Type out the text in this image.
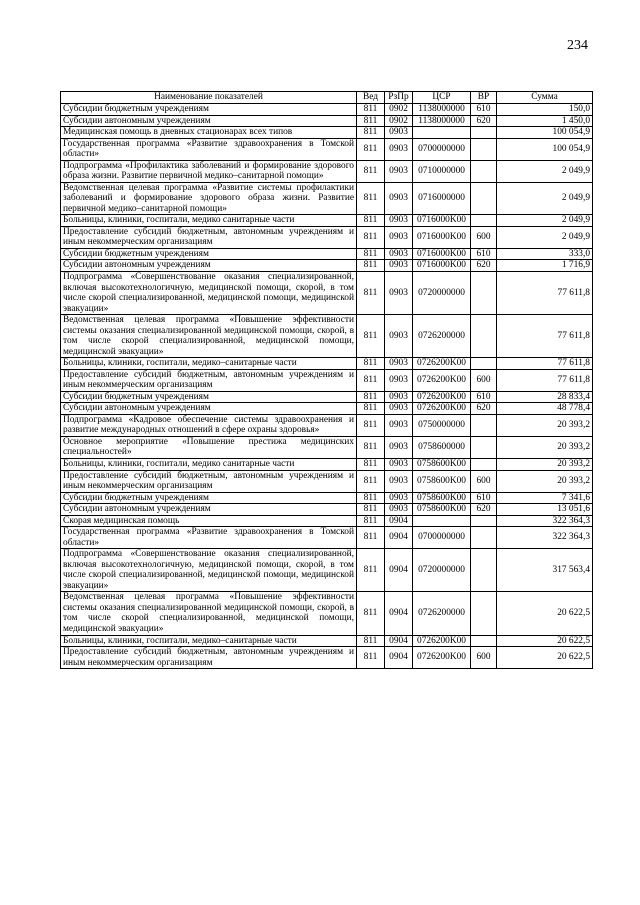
234
Наименование показателей	Вед	РзПр	ЦСР	ВР	Сумма
Субсидии бюджетным учреждениям	811	0902	1138000000	610	150,0
Субсидии автономным учреждениям	811	0902	1138000000	620	1 450,0
Медицинская помощь в дневных стационарах всех типов	811	0903			100 054,9
Государственная программа «Развитие здравоохранения в Томской области»	811	0903	0700000000		100 054,9
Подпрограмма «Профилактика заболеваний и формирование здорового образа жизни. Развитие первичной медико–санитарной помощи»	811	0903	0710000000		2 049,9
Ведомственная целевая программа «Развитие системы профилактики заболеваний и формирование здорового образа жизни. Развитие первичной медико–санитарной помощи»	811	0903	0716000000		2 049,9
Больницы, клиники, госпитали, медико санитарные части	811	0903	0716000K00		2 049,9
Предоставление субсидий бюджетным, автономным учреждениям и иным некоммерческим организациям	811	0903	0716000K00	600	2 049,9
Субсидии бюджетным учреждениям	811	0903	0716000K00	610	333,0
Субсидии автономным учреждениям	811	0903	0716000K00	620	1 716,9
Подпрограмма «Совершенствование оказания специализированной, включая высокотехнологичную, медицинской помощи, скорой, в том числе скорой специализированной, медицинской помощи, медицинской эвакуации»	811	0903	0720000000		77 611,8
Ведомственная целевая программа «Повышение эффективности системы оказания специализированной медицинской помощи, скорой, в том числе скорой специализированной, медицинской помощи, медицинской эвакуации»	811	0903	0726200000		77 611,8
Больницы, клиники, госпитали, медико–санитарные части	811	0903	0726200K00		77 611,8
Предоставление субсидий бюджетным, автономным учреждениям и иным некоммерческим организациям	811	0903	0726200K00	600	77 611,8
Субсидии бюджетным учреждениям	811	0903	0726200K00	610	28 833,4
Субсидии автономным учреждениям	811	0903	0726200K00	620	48 778,4
Подпрограмма «Кадровое обеспечение системы здравоохранения и развитие международных отношений в сфере охраны здоровья»	811	0903	0750000000		20 393,2
Основное мероприятие «Повышение престижа медицинских специальностей»	811	0903	0758600000		20 393,2
Больницы, клиники, госпитали, медико санитарные части	811	0903	0758600K00		20 393,2
Предоставление субсидий бюджетным, автономным учреждениям и иным некоммерческим организациям	811	0903	0758600K00	600	20 393,2
Субсидии бюджетным учреждениям	811	0903	0758600K00	610	7 341,6
Субсидии автономным учреждениям	811	0903	0758600K00	620	13 051,6
Скорая медицинская помощь	811	0904			322 364,3
Государственная программа «Развитие здравоохранения в Томской области»	811	0904	0700000000		322 364,3
Подпрограмма «Совершенствование оказания специализированной, включая высокотехнологичную, медицинской помощи, скорой, в том числе скорой специализированной, медицинской помощи, медицинской эвакуации»	811	0904	0720000000		317 563,4
Ведомственная целевая программа «Повышение эффективности системы оказания специализированной медицинской помощи, скорой, в том числе скорой специализированной, медицинской помощи, медицинской эвакуации»	811	0904	0726200000		20 622,5
Больницы, клиники, госпитали, медико–санитарные части	811	0904	0726200K00		20 622,5
Предоставление субсидий бюджетным, автономным учреждениям и иным некоммерческим организациям	811	0904	0726200K00	600	20 622,5
